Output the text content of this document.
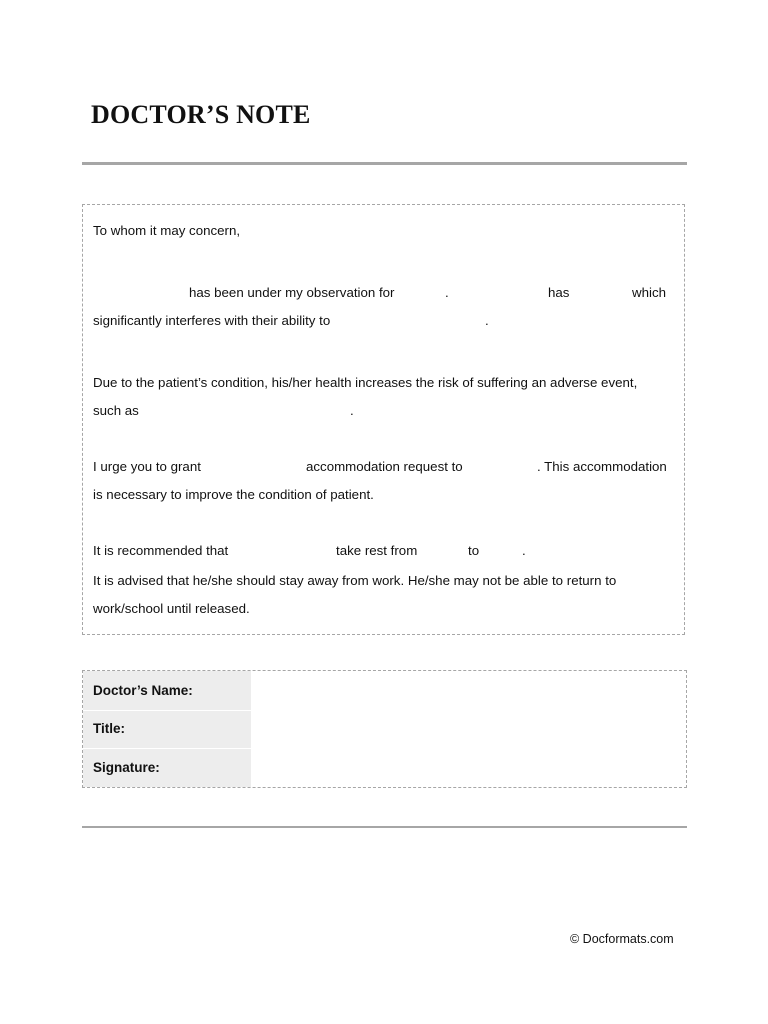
DOCTOR’S NOTE
To whom it may concern,
has been under my observation for	.	has	which
significantly interferes with their ability to	.
Due to the patient’s condition, his/her health increases the risk of suffering an adverse event,
such as	.
I urge you to grant	accommodation request to	. This accommodation
is necessary to improve the condition of patient.
It is recommended that	take rest from	to	.
It is advised that he/she should stay away from work. He/she may not be able to return to
work/school until released.
Doctor’s Name:
Title:
Signature:
© Docformats.com
